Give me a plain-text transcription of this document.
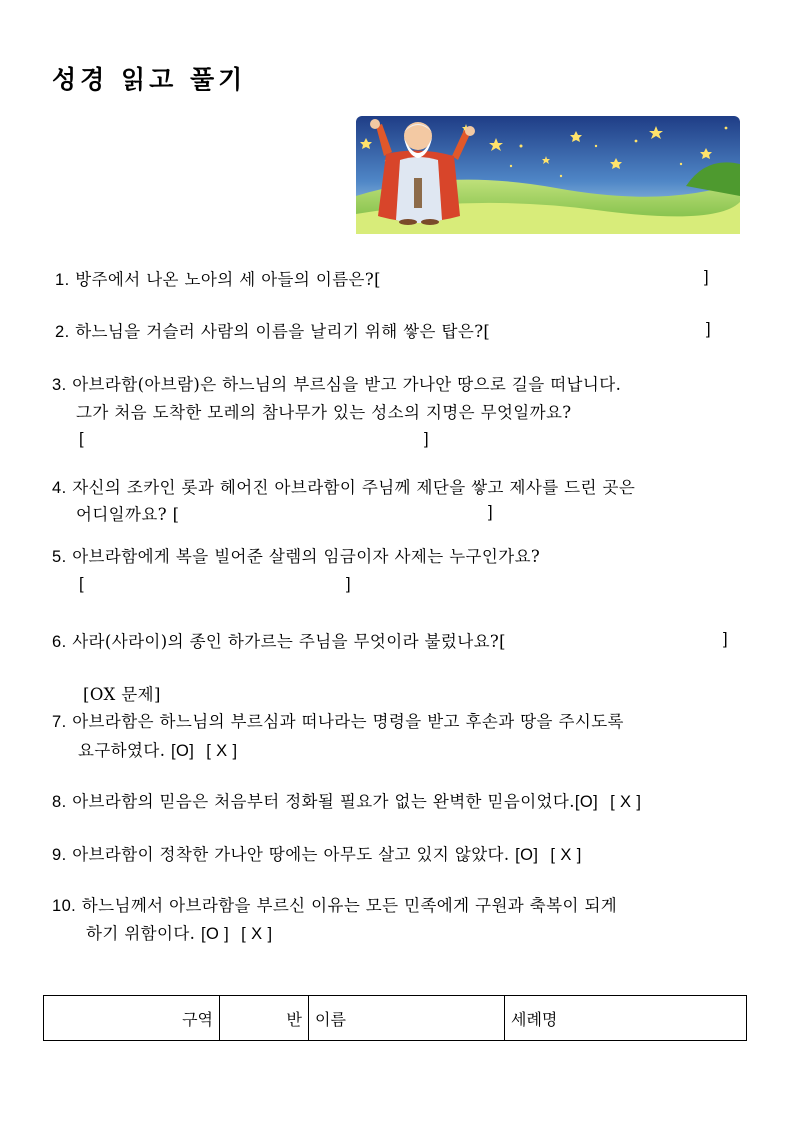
성경 읽고 풀기
1. 방주에서 나온 노아의 세 아들의 이름은?[	]
2. 하느님을 거슬러 사람의 이름을 날리기 위해 쌓은 탑은?[	]
3. 아브라함(아브람)은 하느님의 부르심을 받고 가나안 땅으로 길을 떠납니다.
그가 처음 도착한 모레의 참나무가 있는 성소의 지명은 무엇일까요?
[	]
4. 자신의 조카인 롯과 헤어진 아브라함이 주님께 제단을 쌓고 제사를 드린 곳은
어디일까요? [	]
5. 아브라함에게 복을 빌어준 살렘의 임금이자 사제는 누구인가요?
[	]
6. 사라(사라이)의 종인 하가르는 주님을 무엇이라 불렀나요?[	]
[OX 문제]
7. 아브라함은 하느님의 부르심과 떠나라는 명령을 받고 후손과 땅을 주시도록
요구하였다. [O] [ X ]
8. 아브라함의 믿음은 처음부터 정화될 필요가 없는 완벽한 믿음이었다.[O] [ X ]
9. 아브라함이 정착한 가나안 땅에는 아무도 살고 있지 않았다. [O] [ X ]
10. 하느님께서 아브라함을 부르신 이유는 모든 민족에게 구원과 축복이 되게
하기 위함이다. [O ] [ X ]
구역	반	이름	세례명
